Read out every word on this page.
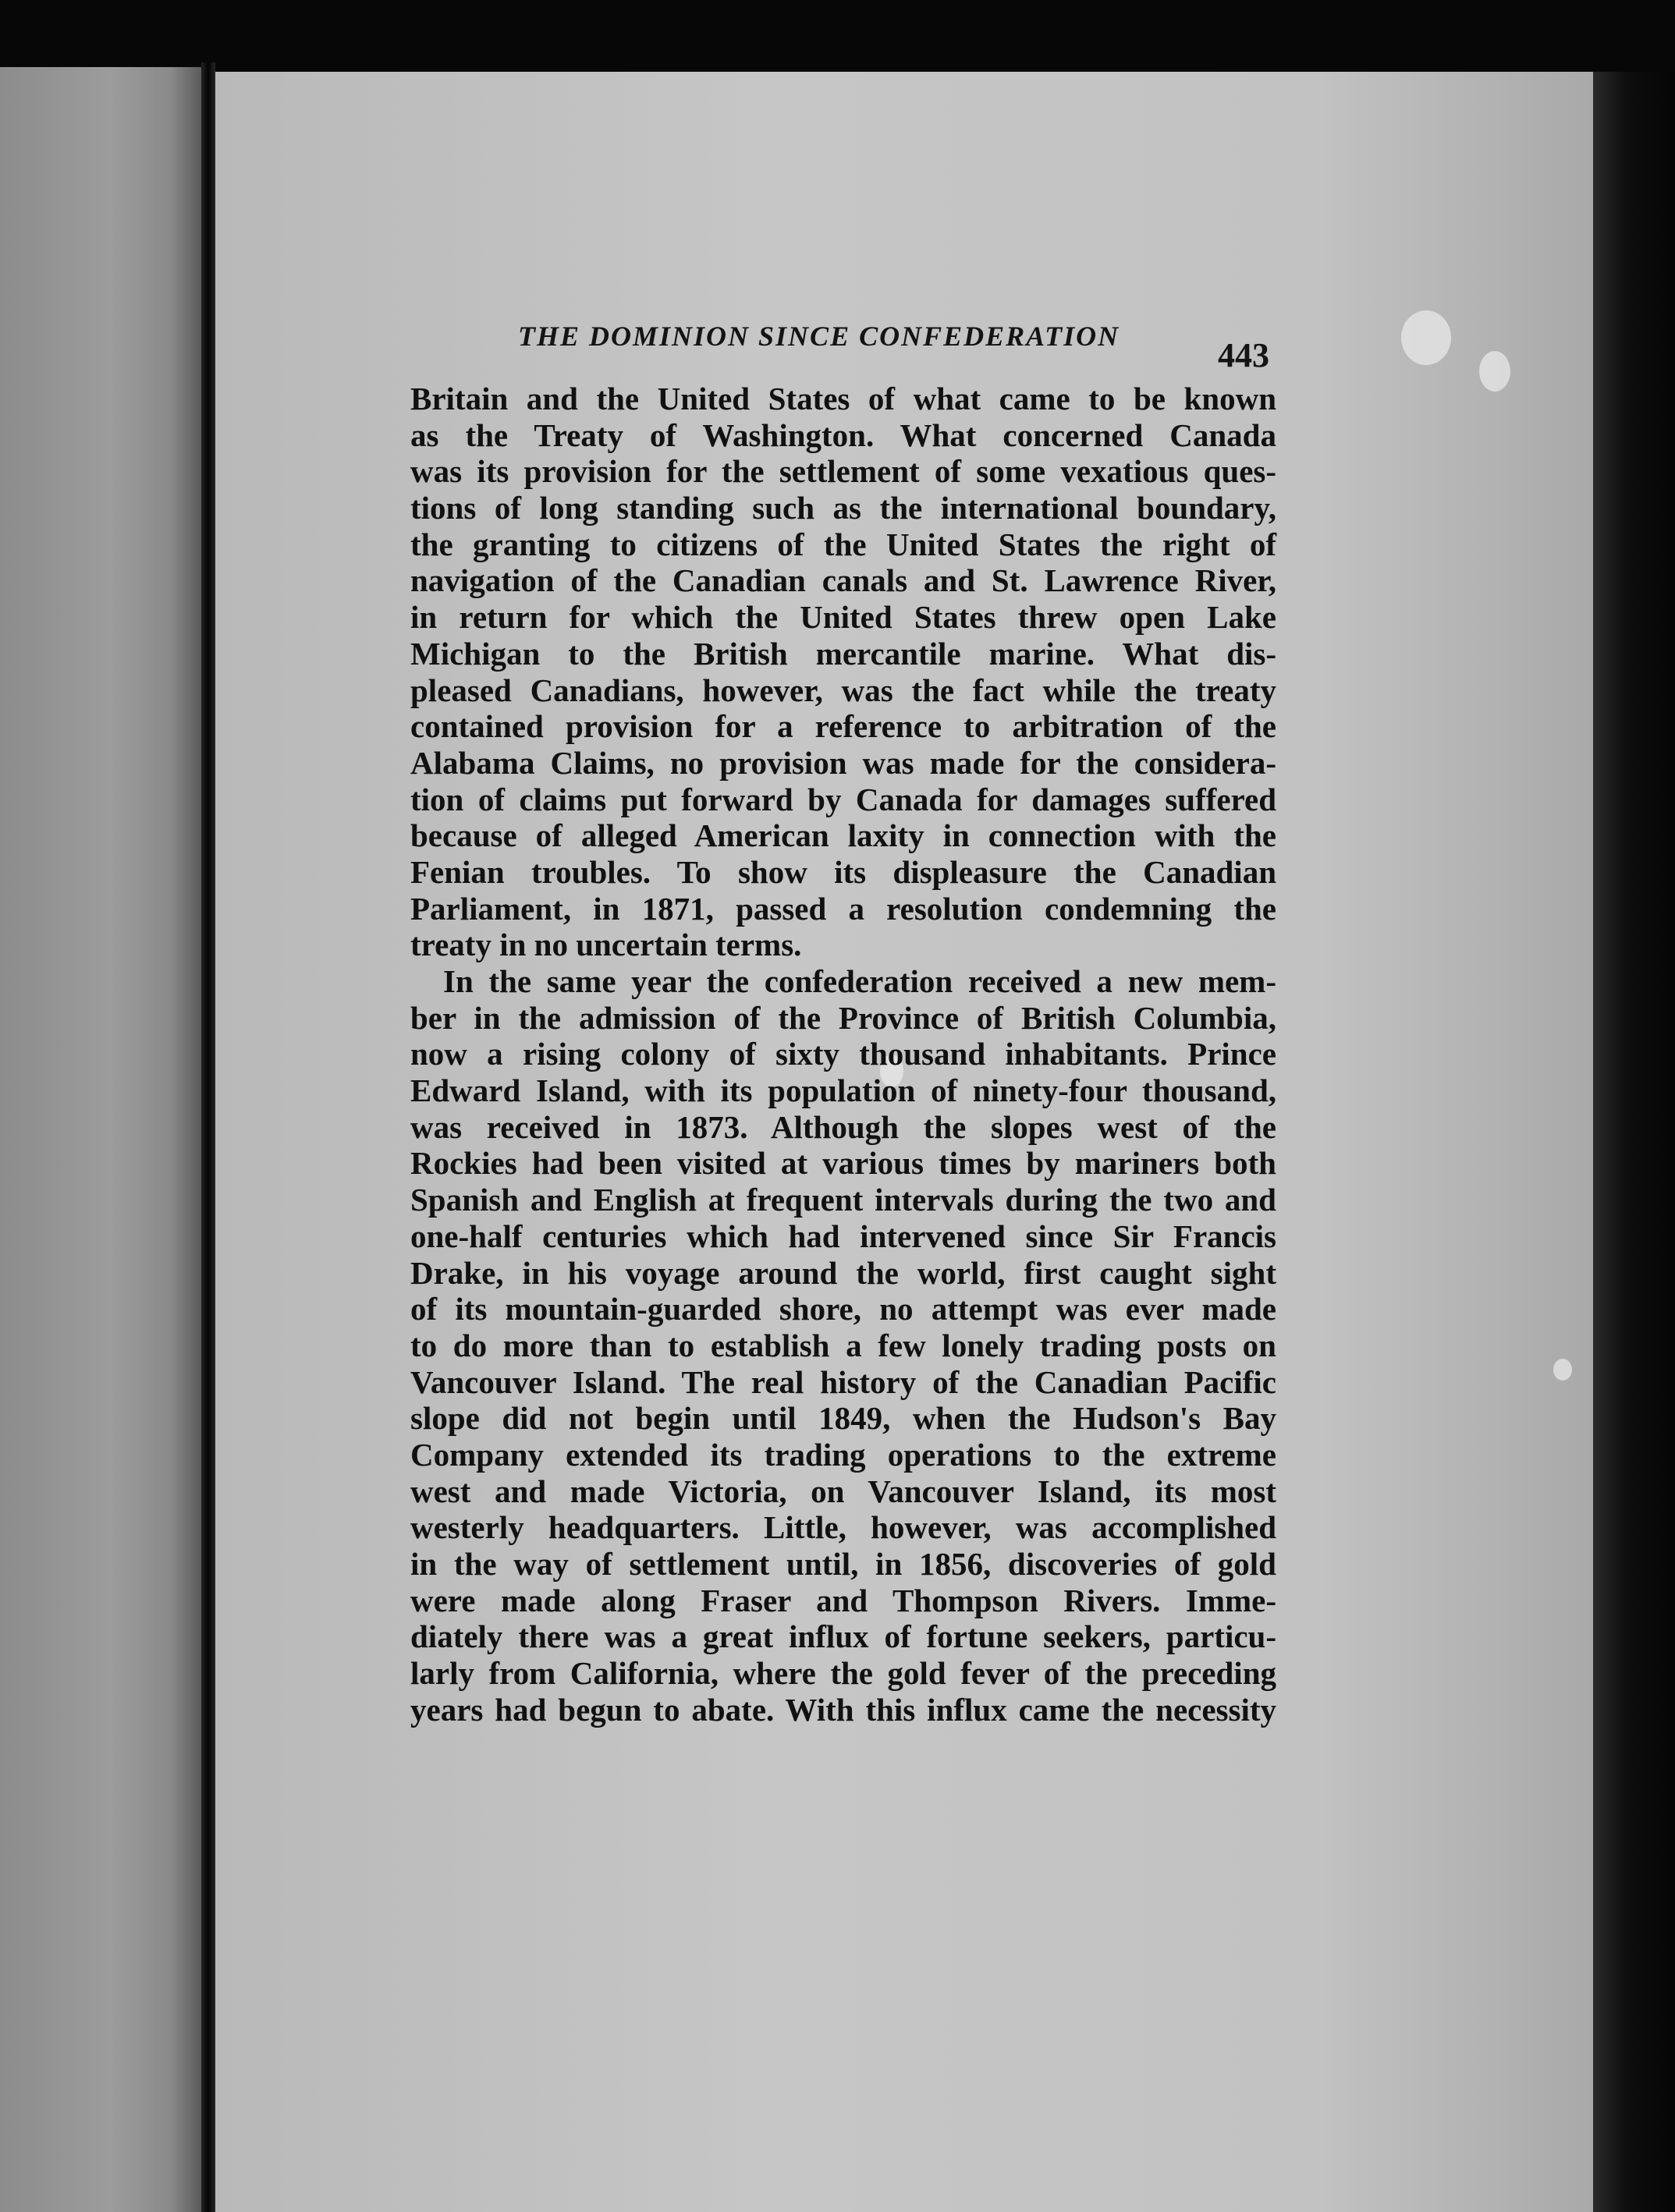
THE DOMINION SINCE CONFEDERATION	443
Britain and the United States of what came to be known
as the Treaty of Washington. What concerned Canada
was its provision for the settlement of some vexatious ques-
tions of long standing such as the international boundary,
the granting to citizens of the United States the right of
navigation of the Canadian canals and St. Lawrence River,
in return for which the United States threw open Lake
Michigan to the British mercantile marine. What dis-
pleased Canadians, however, was the fact while the treaty
contained provision for a reference to arbitration of the
Alabama Claims, no provision was made for the considera-
tion of claims put forward by Canada for damages suffered
because of alleged American laxity in connection with the
Fenian troubles. To show its displeasure the Canadian
Parliament, in 1871, passed a resolution condemning the
treaty in no uncertain terms.
In the same year the confederation received a new mem-
ber in the admission of the Province of British Columbia,
now a rising colony of sixty thousand inhabitants. Prince
Edward Island, with its population of ninety-four thousand,
was received in 1873. Although the slopes west of the
Rockies had been visited at various times by mariners both
Spanish and English at frequent intervals during the two and
one-half centuries which had intervened since Sir Francis
Drake, in his voyage around the world, first caught sight
of its mountain-guarded shore, no attempt was ever made
to do more than to establish a few lonely trading posts on
Vancouver Island. The real history of the Canadian Pacific
slope did not begin until 1849, when the Hudson's Bay
Company extended its trading operations to the extreme
west and made Victoria, on Vancouver Island, its most
westerly headquarters. Little, however, was accomplished
in the way of settlement until, in 1856, discoveries of gold
were made along Fraser and Thompson Rivers. Imme-
diately there was a great influx of fortune seekers, particu-
larly from California, where the gold fever of the preceding
years had begun to abate. With this influx came the necessity
